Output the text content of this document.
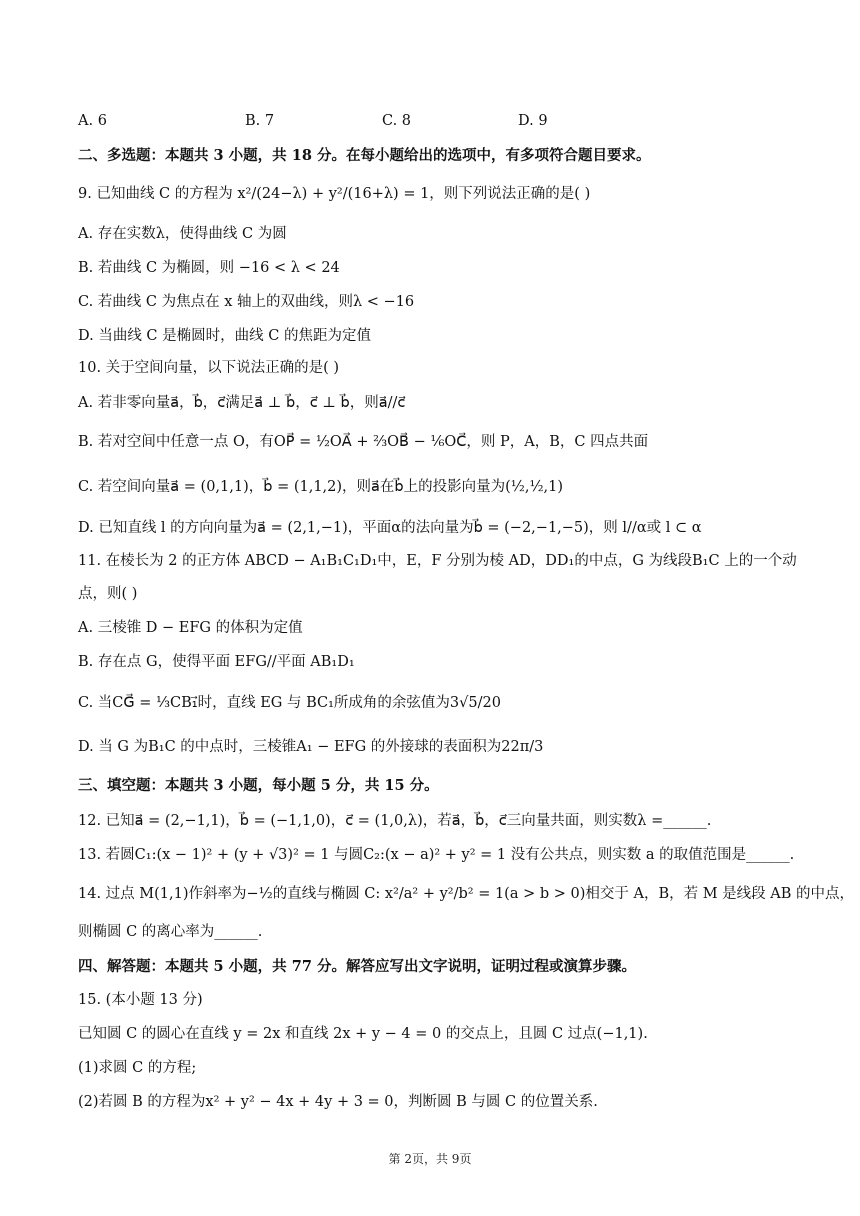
A. 6	B. 7	C. 8	D. 9
二、多选题：本题共 3 小题，共 18 分。在每小题给出的选项中，有多项符合题目要求。
9. 已知曲线 C 的方程为 x²/(24−λ) + y²/(16+λ) = 1，则下列说法正确的是( )
A. 存在实数λ，使得曲线 C 为圆
B. 若曲线 C 为椭圆，则 −16 < λ < 24
C. 若曲线 C 为焦点在 x 轴上的双曲线，则λ < −16
D. 当曲线 C 是椭圆时，曲线 C 的焦距为定值
10. 关于空间向量，以下说法正确的是( )
A. 若非零向量a⃗，b⃗，c⃗满足a⃗ ⊥ b⃗，c⃗ ⊥ b⃗，则a⃗//c⃗
B. 若对空间中任意一点 O，有OP⃗ = ½OA⃗ + ⅔OB⃗ − ⅙OC⃗，则 P，A，B，C 四点共面
C. 若空间向量a⃗ = (0,1,1)，b⃗ = (1,1,2)，则a⃗在b⃗上的投影向量为(½,½,1)
D. 已知直线 l 的方向向量为a⃗ = (2,1,−1)，平面α的法向量为b⃗ = (−2,−1,−5)，则 l//α或 l ⊂ α
11. 在棱长为 2 的正方体 ABCD − A₁B₁C₁D₁中，E，F 分别为棱 AD，DD₁的中点，G 为线段B₁C 上的一个动
点，则( )
A. 三棱锥 D − EFG 的体积为定值
B. 存在点 G，使得平面 EFG//平面 AB₁D₁
C. 当CG⃗ = ⅓CB₁⃗时，直线 EG 与 BC₁所成角的余弦值为3√5/20
D. 当 G 为B₁C 的中点时，三棱锥A₁ − EFG 的外接球的表面积为22π/3
三、填空题：本题共 3 小题，每小题 5 分，共 15 分。
12. 已知a⃗ = (2,−1,1)，b⃗ = (−1,1,0)，c⃗ = (1,0,λ)，若a⃗，b⃗，c⃗三向量共面，则实数λ =______.
13. 若圆C₁:(x − 1)² + (y + √3)² = 1 与圆C₂:(x − a)² + y² = 1 没有公共点，则实数 a 的取值范围是______.
14. 过点 M(1,1)作斜率为−½的直线与椭圆 C: x²/a² + y²/b² = 1(a > b > 0)相交于 A，B，若 M 是线段 AB 的中点，
则椭圆 C 的离心率为______.
四、解答题：本题共 5 小题，共 77 分。解答应写出文字说明，证明过程或演算步骤。
15. (本小题 13 分)
已知圆 C 的圆心在直线 y = 2x 和直线 2x + y − 4 = 0 的交点上，且圆 C 过点(−1,1).
(1)求圆 C 的方程;
(2)若圆 B 的方程为x² + y² − 4x + 4y + 3 = 0，判断圆 B 与圆 C 的位置关系.
第 2页，共 9页
